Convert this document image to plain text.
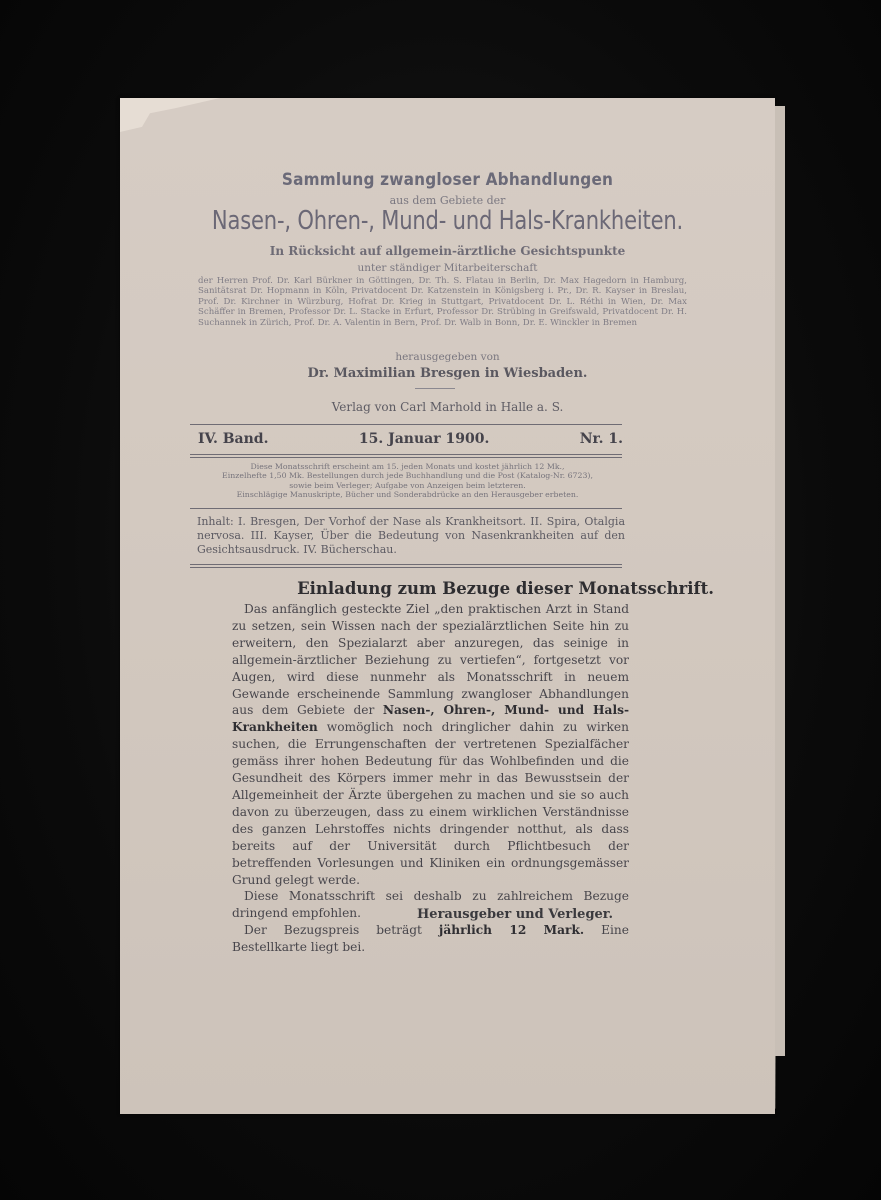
Sammlung zwangloser Abhandlungen
aus dem Gebiete der
Nasen-, Ohren-, Mund- und Hals-Krankheiten.
In Rücksicht auf allgemein-ärztliche Gesichtspunkte
unter ständiger Mitarbeiterschaft
der Herren Prof. Dr. Karl Bürkner in Göttingen, Dr. Th. S. Flatau in Berlin, Dr. Max Hagedorn in Hamburg, Sanitätsrat Dr. Hopmann in Köln, Privatdocent Dr. Katzenstein in Königsberg i. Pr., Dr. R. Kayser in Breslau, Prof. Dr. Kirchner in Würzburg, Hofrat Dr. Krieg in Stuttgart, Privatdocent Dr. L. Réthi in Wien, Dr. Max Schäffer in Bremen, Professor Dr. L. Stacke in Erfurt, Professor Dr. Strübing in Greifswald, Privatdocent Dr. H. Suchannek in Zürich, Prof. Dr. A. Valentin in Bern, Prof. Dr. Walb in Bonn, Dr. E. Winckler in Bremen
herausgegeben von
Dr. Maximilian Bresgen in Wiesbaden.
Verlag von Carl Marhold in Halle a. S.
IV. Band.	15. Januar 1900.	Nr. 1.
Diese Monatsschrift erscheint am 15. jeden Monats und kostet jährlich 12 Mk.,
Einzelhefte 1,50 Mk. Bestellungen durch jede Buchhandlung und die Post (Katalog-Nr. 6723),
sowie beim Verleger; Aufgabe von Anzeigen beim letzteren.
Einschlägige Manuskripte, Bücher und Sonderabdrücke an den Herausgeber erbeten.
Inhalt: I. Bresgen, Der Vorhof der Nase als Krankheitsort. II. Spira, Otalgia nervosa. III. Kayser, Über die Bedeutung von Nasenkrankheiten auf den Gesichtsausdruck. IV. Bücherschau.
Einladung zum Bezuge dieser Monatsschrift.

Das anfänglich gesteckte Ziel „den praktischen Arzt in Stand zu setzen, sein Wissen nach der spezialärztlichen Seite hin zu erweitern, den Spezialarzt aber anzuregen, das seinige in allgemein-ärztlicher Beziehung zu vertiefen“, fortgesetzt vor Augen, wird diese nunmehr als Monatsschrift in neuem Gewande erscheinende Sammlung zwangloser Abhandlungen aus dem Gebiete der Nasen-, Ohren-, Mund- und Hals-Krankheiten womöglich noch dringlicher dahin zu wirken suchen, die Errungenschaften der vertretenen Spezialfächer gemäss ihrer hohen Bedeutung für das Wohlbefinden und die Gesundheit des Körpers immer mehr in das Bewusstsein der Allgemeinheit der Ärzte übergehen zu machen und sie so auch davon zu überzeugen, dass zu einem wirklichen Verständnisse des ganzen Lehrstoffes nichts dringender notthut, als dass bereits auf der Universität durch Pflichtbesuch der betreffenden Vorlesungen und Kliniken ein ordnungsgemässer Grund gelegt werde.

Diese Monatsschrift sei deshalb zu zahlreichem Bezuge dringend empfohlen.

Der Bezugspreis beträgt jährlich 12 Mark. Eine Bestellkarte liegt bei.

Herausgeber und Verleger.
